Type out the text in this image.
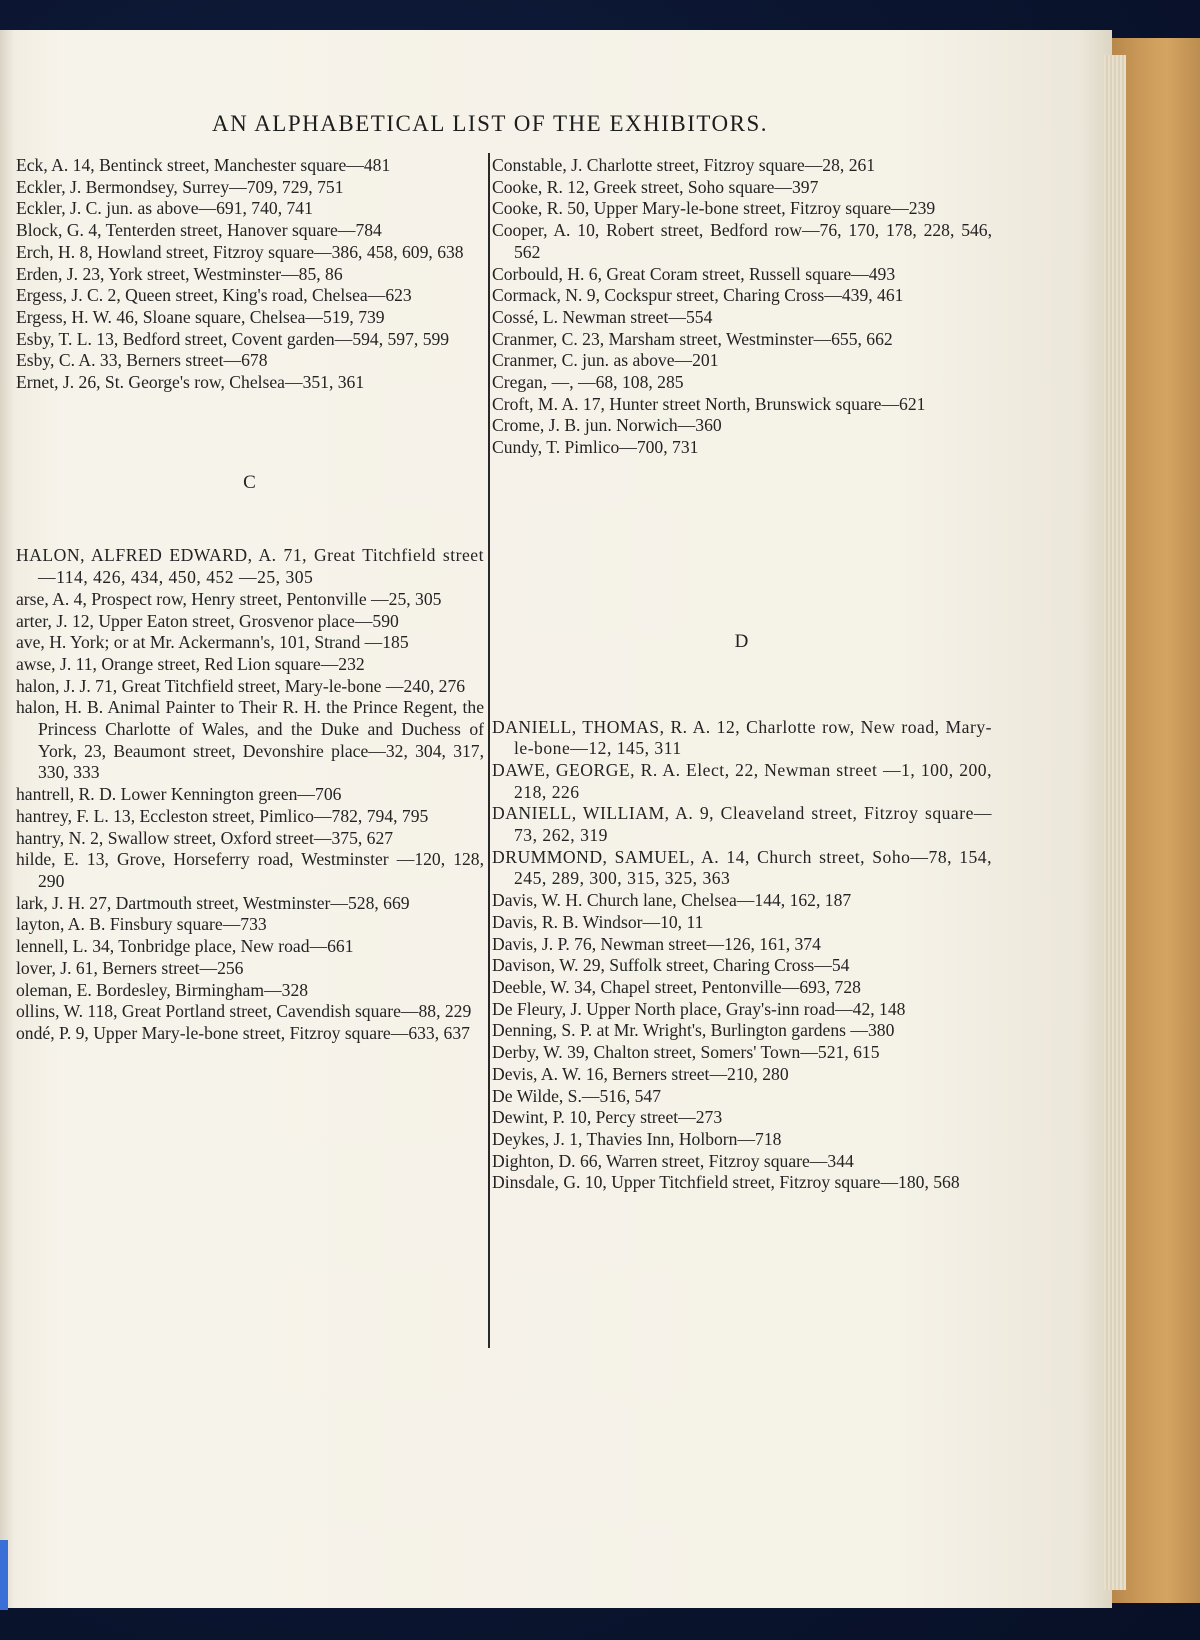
AN ALPHABETICAL LIST OF THE EXHIBITORS.
Eck, A. 14, Bentinck street, Manchester square—481
Eckler, J. Bermondsey, Surrey—709, 729, 751
Eckler, J. C. jun. as above—691, 740, 741
Block, G. 4, Tenterden street, Hanover square—784
Erch, H. 8, Howland street, Fitzroy square—386, 458, 609, 638
Erden, J. 23, York street, Westminster—85, 86
Ergess, J. C. 2, Queen street, King's road, Chelsea—623
Ergess, H. W. 46, Sloane square, Chelsea—519, 739
Esby, T. L. 13, Bedford street, Covent garden—594, 597, 599
Esby, C. A. 33, Berners street—678
Ernet, J. 26, St. George's row, Chelsea—351, 361
C
HALON, ALFRED EDWARD, A. 71, Great Titchfield street—114, 426, 434, 450, 452 —25, 305
arse, A. 4, Prospect row, Henry street, Pentonville —25, 305
arter, J. 12, Upper Eaton street, Grosvenor place—590
ave, H. York; or at Mr. Ackermann's, 101, Strand —185
awse, J. 11, Orange street, Red Lion square—232
halon, J. J. 71, Great Titchfield street, Mary-le-bone —240, 276
halon, H. B. Animal Painter to Their R. H. the Prince Regent, the Princess Charlotte of Wales, and the Duke and Duchess of York, 23, Beaumont street, Devonshire place—32, 304, 317, 330, 333
hantrell, R. D. Lower Kennington green—706
hantrey, F. L. 13, Eccleston street, Pimlico—782, 794, 795
hantry, N. 2, Swallow street, Oxford street—375, 627
hilde, E. 13, Grove, Horseferry road, Westminster —120, 128, 290
lark, J. H. 27, Dartmouth street, Westminster—528, 669
layton, A. B. Finsbury square—733
lennell, L. 34, Tonbridge place, New road—661
lover, J. 61, Berners street—256
oleman, E. Bordesley, Birmingham—328
ollins, W. 118, Great Portland street, Cavendish square—88, 229
ondé, P. 9, Upper Mary-le-bone street, Fitzroy square—633, 637
Constable, J. Charlotte street, Fitzroy square—28, 261
Cooke, R. 12, Greek street, Soho square—397
Cooke, R. 50, Upper Mary-le-bone street, Fitzroy square—239
Cooper, A. 10, Robert street, Bedford row—76, 170, 178, 228, 546, 562
Corbould, H. 6, Great Coram street, Russell square—493
Cormack, N. 9, Cockspur street, Charing Cross—439, 461
Cossé, L. Newman street—554
Cranmer, C. 23, Marsham street, Westminster—655, 662
Cranmer, C. jun. as above—201
Cregan, —, —68, 108, 285
Croft, M. A. 17, Hunter street North, Brunswick square—621
Crome, J. B. jun. Norwich—360
Cundy, T. Pimlico—700, 731
D
DANIELL, THOMAS, R. A. 12, Charlotte row, New road, Mary-le-bone—12, 145, 311
DAWE, GEORGE, R. A. Elect, 22, Newman street —1, 100, 200, 218, 226
DANIELL, WILLIAM, A. 9, Cleaveland street, Fitzroy square—73, 262, 319
DRUMMOND, SAMUEL, A. 14, Church street, Soho—78, 154, 245, 289, 300, 315, 325, 363
Davis, W. H. Church lane, Chelsea—144, 162, 187
Davis, R. B. Windsor—10, 11
Davis, J. P. 76, Newman street—126, 161, 374
Davison, W. 29, Suffolk street, Charing Cross—54
Deeble, W. 34, Chapel street, Pentonville—693, 728
De Fleury, J. Upper North place, Gray's-inn road—42, 148
Denning, S. P. at Mr. Wright's, Burlington gardens —380
Derby, W. 39, Chalton street, Somers' Town—521, 615
Devis, A. W. 16, Berners street—210, 280
De Wilde, S.—516, 547
Dewint, P. 10, Percy street—273
Deykes, J. 1, Thavies Inn, Holborn—718
Dighton, D. 66, Warren street, Fitzroy square—344
Dinsdale, G. 10, Upper Titchfield street, Fitzroy square—180, 568
